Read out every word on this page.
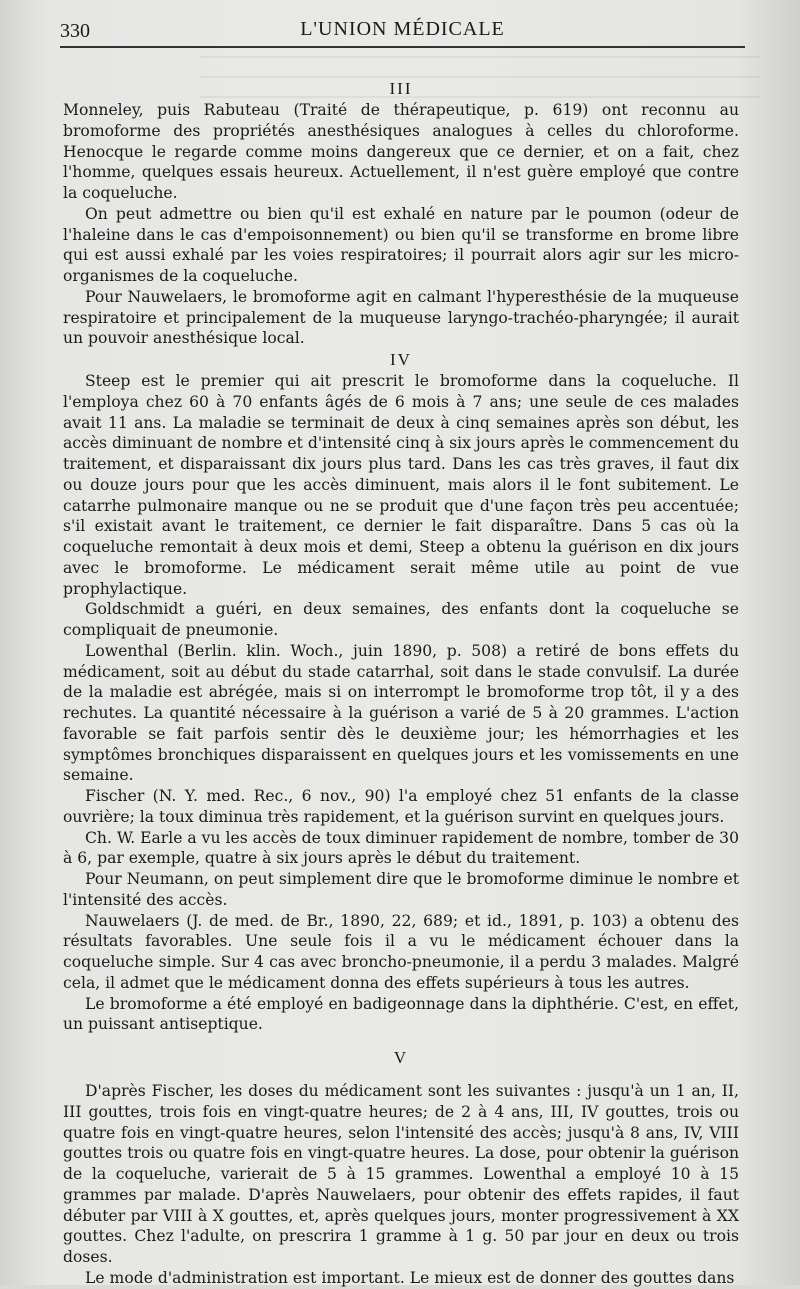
330	L'UNION MÉDICALE
III

Monneley, puis Rabuteau (Traité de thérapeutique, p. 619) ont reconnu au bromoforme des propriétés anesthésiques analogues à celles du chloroforme. Henocque le regarde comme moins dangereux que ce dernier, et on a fait, chez l'homme, quelques essais heureux. Actuellement, il n'est guère employé que contre la coqueluche.

On peut admettre ou bien qu'il est exhalé en nature par le poumon (odeur de l'haleine dans le cas d'empoisonnement) ou bien qu'il se transforme en brome libre qui est aussi exhalé par les voies respiratoires; il pourrait alors agir sur les micro-organismes de la coqueluche.

Pour Nauwelaers, le bromoforme agit en calmant l'hyperesthésie de la muqueuse respiratoire et principalement de la muqueuse laryngo-trachéo-pharyngée; il aurait un pouvoir anesthésique local.

IV

Steep est le premier qui ait prescrit le bromoforme dans la coqueluche. Il l'employa chez 60 à 70 enfants âgés de 6 mois à 7 ans; une seule de ces malades avait 11 ans. La maladie se terminait de deux à cinq semaines après son début, les accès diminuant de nombre et d'intensité cinq à six jours après le commencement du traitement, et disparaissant dix jours plus tard. Dans les cas très graves, il faut dix ou douze jours pour que les accès diminuent, mais alors il le font subitement. Le catarrhe pulmonaire manque ou ne se produit que d'une façon très peu accentuée; s'il existait avant le traitement, ce dernier le fait disparaître. Dans 5 cas où la coqueluche remontait à deux mois et demi, Steep a obtenu la guérison en dix jours avec le bromoforme. Le médicament serait même utile au point de vue prophylactique.

Goldschmidt a guéri, en deux semaines, des enfants dont la coqueluche se compliquait de pneumonie.

Lowenthal (Berlin. klin. Woch., juin 1890, p. 508) a retiré de bons effets du médicament, soit au début du stade catarrhal, soit dans le stade convulsif. La durée de la maladie est abrégée, mais si on interrompt le bromoforme trop tôt, il y a des rechutes. La quantité nécessaire à la guérison a varié de 5 à 20 grammes. L'action favorable se fait parfois sentir dès le deuxième jour; les hémorrhagies et les symptômes bronchiques disparaissent en quelques jours et les vomissements en une semaine.

Fischer (N. Y. med. Rec., 6 nov., 90) l'a employé chez 51 enfants de la classe ouvrière; la toux diminua très rapidement, et la guérison survint en quelques jours.

Ch. W. Earle a vu les accès de toux diminuer rapidement de nombre, tomber de 30 à 6, par exemple, quatre à six jours après le début du traitement.

Pour Neumann, on peut simplement dire que le bromoforme diminue le nombre et l'intensité des accès.

Nauwelaers (J. de med. de Br., 1890, 22, 689; et id., 1891, p. 103) a obtenu des résultats favorables. Une seule fois il a vu le médicament échouer dans la coqueluche simple. Sur 4 cas avec broncho-pneumonie, il a perdu 3 malades. Malgré cela, il admet que le médicament donna des effets supérieurs à tous les autres.

Le bromoforme a été employé en badigeonnage dans la diphthérie. C'est, en effet, un puissant antiseptique.

V

D'après Fischer, les doses du médicament sont les suivantes : jusqu'à un 1 an, II, III gouttes, trois fois en vingt-quatre heures; de 2 à 4 ans, III, IV gouttes, trois ou quatre fois en vingt-quatre heures, selon l'intensité des accès; jusqu'à 8 ans, IV, VIII gouttes trois ou quatre fois en vingt-quatre heures. La dose, pour obtenir la guérison de la coqueluche, varierait de 5 à 15 grammes. Lowenthal a employé 10 à 15 grammes par malade. D'après Nauwelaers, pour obtenir des effets rapides, il faut débuter par VIII à X gouttes, et, après quelques jours, monter progressivement à XX gouttes. Chez l'adulte, on prescrira 1 gramme à 1 g. 50 par jour en deux ou trois doses.

Le mode d'administration est important. Le mieux est de donner des gouttes dans
